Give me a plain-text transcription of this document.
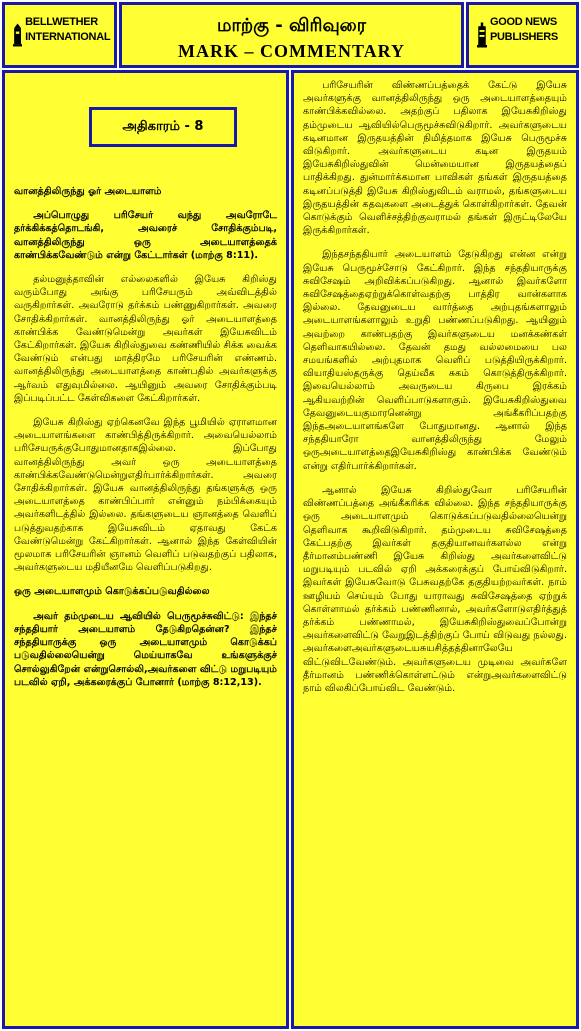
BELLWETHER INTERNATIONAL
மாற்கு - விரிவுரை
MARK – COMMENTARY
GOOD NEWS PUBLISHERS
அதிகாரம் - 8

வானத்திலிருந்து ஓர் அடையாளம்

அப்பொழுது பரிசேயர் வந்து அவரோடே தர்க்கிக்கத்தொடங்கி, அவரைச் சோதிக்கும்படி, வானத்திலிருந்து ஒரு அடையாளத்தைக் காண்பிக்கவேண்டும் என்று கேட்டார்கள் (மாற்கு 8:11).

தல்மனுத்தாவின் எல்லைகளில் இயேசு கிறிஸ்து வரும்போது அங்கு பரிசேயரும் அவ்விடத்தில் வருகிறார்கள். அவரோடு தர்க்கம் பண்ணுகிறார்கள். அவரை சோதிக்கிறார்கள். வானத்திலிருந்து ஓர் அடையாளத்தை காண்பிக்க வேண்டுமென்று அவர்கள் இயேசுவிடம் கேட்கிறார்கள். இயேசு கிறிஸ்துவை கண்ணியில் சிக்க வைக்க வேண்டும் என்பது மாத்திரமே பரிசேயரின் எண்ணம். வானத்திலிருந்து அடையாளத்தை காண்பதில் அவர்களுக்கு ஆர்வம் எதுவுமில்லை. ஆயினும் அவரை சோதிக்கும்படி இப்படிப்பட்ட கேள்விகளை கேட்கிறார்கள்.

இயேசு கிறிஸ்து ஏற்கெனவே இந்த பூமியில் ஏராளமான அடையாளங்களை காண்பித்திருக்கிறார். அவையெல்லாம் பரிசேயருக்குபோதுமானதாகஇல்லை. இப்போது வானத்திலிருந்து அவர் ஒரு அடையாளத்தை காண்பிக்கவேண்டுமென்றுஎதிர்பார்க்கிறார்கள். அவரை சோதிக்கிறார்கள். இயேசு வானத்திலிருந்து தங்களுக்கு ஒரு அடையாளத்தை காண்பிப்பார் என்னும் நம்பிக்கையும் அவர்களிடத்தில் இல்லை. தங்களுடைய ஞானத்தை வெளிப் படுத்துவதற்காக இயேசுவிடம் ஏதாவது கேட்க வேண்டுமென்று கேட்கிறார்கள். ஆனால் இந்த கேள்வியின் மூலமாக பரிசேயரின் ஞானம் வெளிப் படுவதற்குப் பதிலாக, அவர்களுடைய மதியீனமே வெளிப்படுகிறது.

ஒரு அடையாளமும் கொடுக்கப்படுவதில்லை

அவர் தம்முடைய ஆவியில் பெருமூச்சுவிட்டு: இந்தச் சந்ததியார் அடையாளம் தேடுகிறதென்ன? இந்தச் சந்ததியாருக்கு ஒரு அடையாளமும் கொடுக்கப் படுவதில்லையென்று மெய்யாகவே உங்களுக்குச் சொல்லுகிறேன் என்றுசொல்லி,அவர்களை விட்டு மறுபடியும் படவில் ஏறி, அக்கரைக்குப் போனார் (மாற்கு 8:12,13).

பரிசேயரின் விண்ணப்பத்தைக் கேட்டு இயேசு அவர்களுக்கு வானத்திலிருந்து ஒரு அடையாளத்தையும் காண்பிக்கவில்லை. அதற்குப் பதிலாக இயேசுகிறிஸ்து தம்முடைய ஆவியில்பெருமூச்சுவிடுகிறார். அவர்களுடைய கடினமான இருதயத்தின் நிமித்தமாக இயேசு பெருமூச்சு விடுகிறார். அவர்களுடைய கடின இருதயம் இயேசுகிறிஸ்துவின் மென்மையான இருதயத்தைப் பாதிக்கிறது. துன்மார்க்கமான பாவிகள் தங்கள் இருதயத்தை கடினப்படுத்தி இயேசு கிறிஸ்துவிடம் வராமல், தங்களுடைய இருதயத்தின் கதவுகளை அடைத்துக் கொள்கிறார்கள். தேவன் கொடுக்கும் வெளிச்சத்திற்குவராமல் தங்கள் இருட்டிலேயே இருக்கிறார்கள்.

இந்தசந்ததியார் அடையாளம் தேடுகிறது என்ன என்று இயேசு பெருமூச்சோடு கேட்கிறார். இந்த சந்ததியாருக்கு சுவிசேஷம் அறிவிக்கப்படுகிறது. ஆனால் இவர்களோ சுவிசேஷத்தைஏற்றுக்கொள்வதற்கு பாத்திர வான்களாக இல்லை. தேவனுடைய வார்த்தை அற்புதங்களாலும் அடையாளங்களாலும் உறுதி பண்ணப்படுகிறது. ஆயினும் அவற்றை காண்பதற்கு இவர்களுடைய மனக்கண்கள் தெளிவாகயில்லை. தேவன் தமது வல்லமையை பல சமயங்களில் அற்புதமாக வெளிப் படுத்தியிருக்கிறார். வியாதியஸ்தருக்கு தெய்வீக சுகம் கொடுத்திருக்கிறார். இவையெல்லாம் அவருடைய கிருபை இரக்கம் ஆகியவற்றின் வெளிப்பாடுகளாகும். இயேசுகிறிஸ்துவை தேவனுடையகுமாரனென்று அங்கீகரிப்பதற்கு இந்தஅடையாளங்களே போதுமானது. ஆனால் இந்த சந்ததியாரோ வானத்திலிருந்து மேலும் ஒருஅடையாளத்தைஇயேசுகிறிஸ்து காண்பிக்க வேண்டும் என்று எதிர்பார்க்கிறார்கள்.

ஆனால் இயேசு கிறிஸ்துவோ பரிசேயரின் விண்ணப்பத்தை அங்கீகரிக்க வில்லை. இந்த சந்ததியாருக்கு ஒரு அடையாளமும் கொடுக்கப்படுவதில்லையென்று தெளிவாக கூறிவிடுகிறார். தம்முடைய சுவிசேஷத்தை கேட்பதற்கு இவர்கள் தகுதியானவர்களல்ல என்று தீர்மானம்பண்ணி இயேசு கிறிஸ்து அவர்களைவிட்டு மறுபடியும் படவில் ஏறி அக்கரைக்குப் போய்விடுகிறார். இவர்கள் இயேசுவோடு பேசுவதற்கே தகுதியற்றவர்கள். நாம் ஊழியம் செய்யும் போது யாராவது சுவிசேஷத்தை ஏற்றுக் கொள்ளாமல் தர்க்கம் பண்ணினால், அவர்களோடுஎதிர்த்துத் தர்க்கம் பண்ணாமல், இயேசுகிறிஸ்துவைப்போன்று அவர்களைவிட்டு வேறுஇடத்திற்குப் போய் விடுவது நல்லது. அவர்களைஅவர்களுடையசுயசித்தத்தினாலேயே விட்டுவிடவேண்டும். அவர்களுடைய முடிவை அவர்களே தீர்மானம் பண்ணிக்கொள்ளட்டும் என்றுஅவர்களைவிட்டு நாம் விலகிப்போய்விட வேண்டும்.
